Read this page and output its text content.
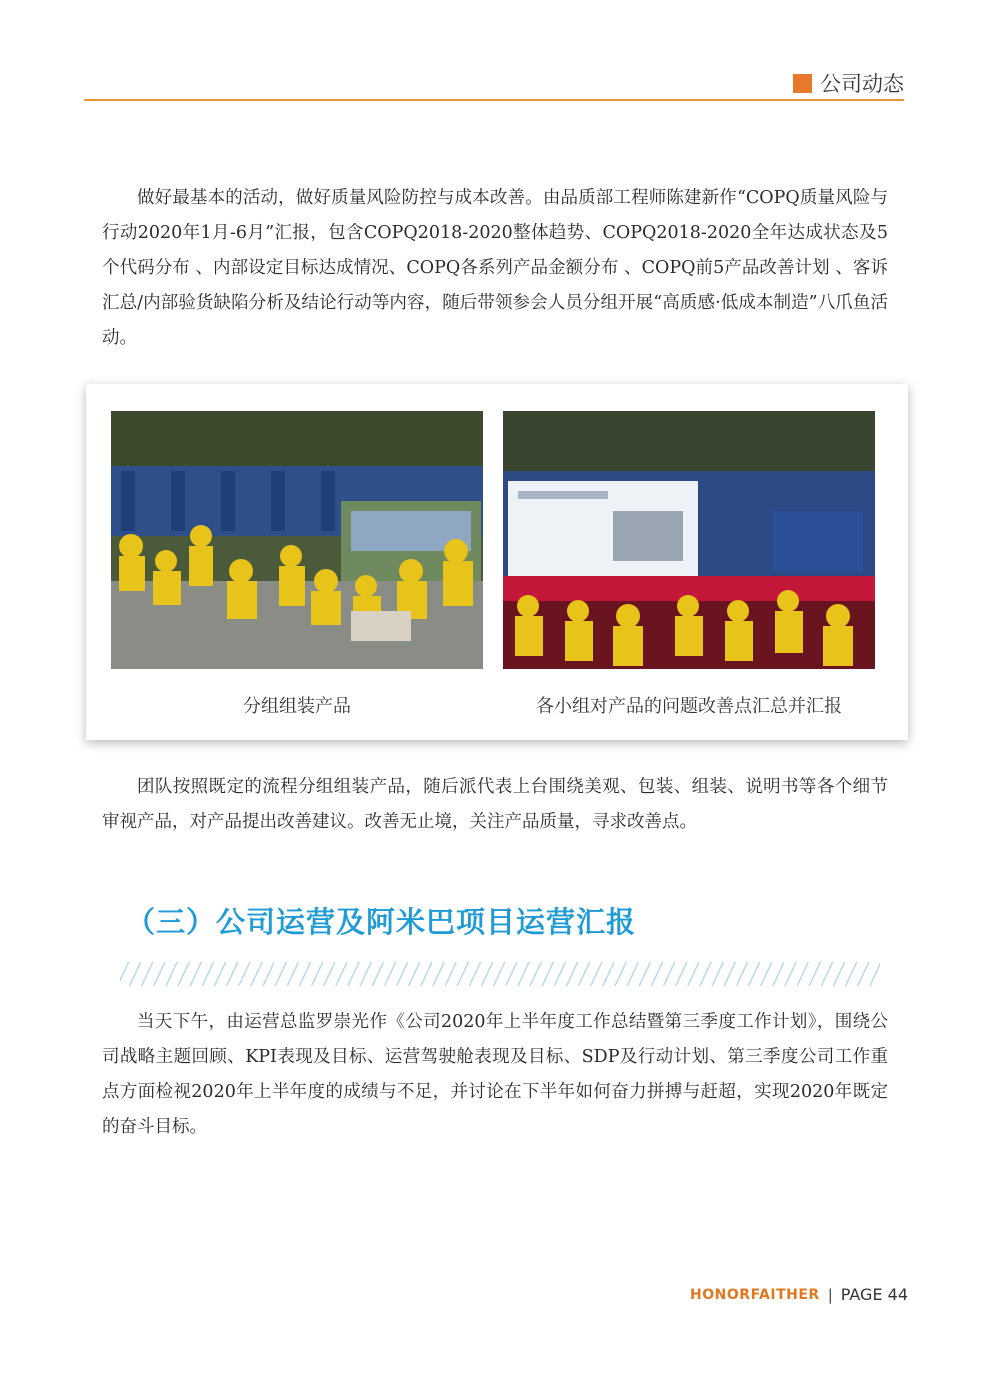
公司动态

做好最基本的活动，做好质量风险防控与成本改善。由品质部工程师陈建新作“COPQ质量风险与行动2020年1月-6月”汇报，包含COPQ2018-2020整体趋势、COPQ2018-2020全年达成状态及5个代码分布 、内部设定目标达成情况、COPQ各系列产品金额分布 、COPQ前5产品改善计划 、客诉汇总/内部验货缺陷分析及结论行动等内容，随后带领参会人员分组开展“高质感·低成本制造”八爪鱼活动。

分组组装产品	各小组对产品的问题改善点汇总并汇报

团队按照既定的流程分组组装产品，随后派代表上台围绕美观、包装、组装、说明书等各个细节审视产品，对产品提出改善建议。改善无止境，关注产品质量，寻求改善点。

（三）公司运营及阿米巴项目运营汇报

当天下午，由运营总监罗崇光作《公司2020年上半年度工作总结暨第三季度工作计划》，围绕公司战略主题回顾、KPI表现及目标、运营驾驶舱表现及目标、SDP及行动计划、第三季度公司工作重点方面检视2020年上半年度的成绩与不足，并讨论在下半年如何奋力拼搏与赶超，实现2020年既定的奋斗目标。

HONORFAITHER | PAGE 44
